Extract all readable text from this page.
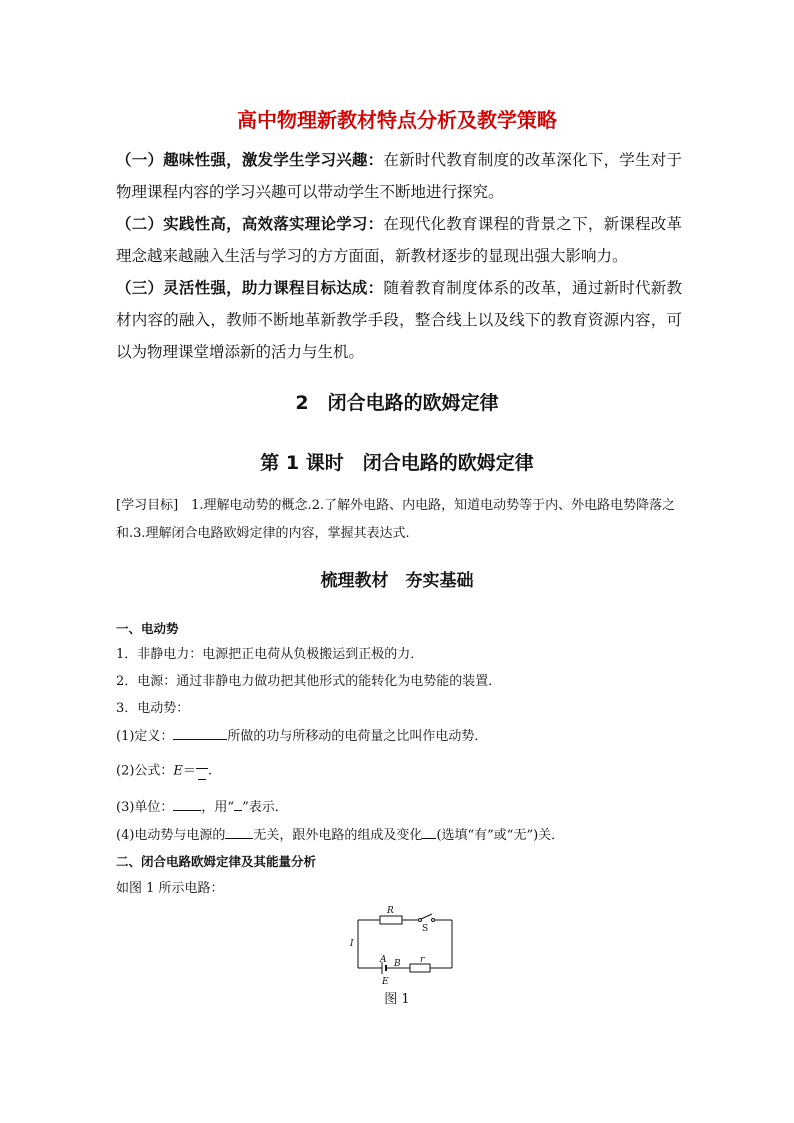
高中物理新教材特点分析及教学策略
（一）趣味性强，激发学生学习兴趣：在新时代教育制度的改革深化下，学生对于物理课程内容的学习兴趣可以带动学生不断地进行探究。
（二）实践性高，高效落实理论学习：在现代化教育课程的背景之下，新课程改革理念越来越融入生活与学习的方方面面，新教材逐步的显现出强大影响力。
（三）灵活性强，助力课程目标达成：随着教育制度体系的改革，通过新时代新教材内容的融入，教师不断地革新教学手段，整合线上以及线下的教育资源内容，可以为物理课堂增添新的活力与生机。
2　闭合电路的欧姆定律
第 1 课时　闭合电路的欧姆定律
[学习目标]　1.理解电动势的概念.2.了解外电路、内电路，知道电动势等于内、外电路电势降落之和.3.理解闭合电路欧姆定律的内容，掌握其表达式.
梳理教材　夯实基础
一、电动势
1．非静电力：电源把正电荷从负极搬运到正极的力．
2．电源：通过非静电力做功把其他形式的能转化为电势能的装置．
3．电动势：
(1)定义：	所做的功与所移动的电荷量之比叫作电动势．
(2)公式：E＝ .
(3)单位： ，用“ ”表示．
(4)电动势与电源的 无关，跟外电路的组成及变化 (选填“有”或“无”)关．
二、闭合电路欧姆定律及其能量分析
如图 1 所示电路：
R
S
I
A B r
E
图 1
